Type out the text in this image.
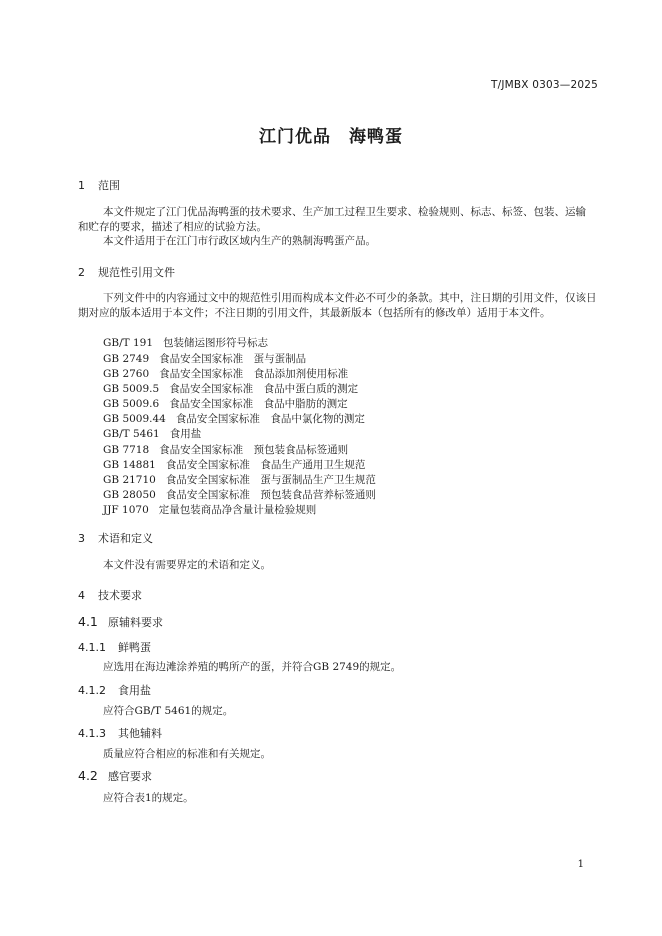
T/JMBX 0303—2025
江门优品　海鸭蛋
1 范围
本文件规定了江门优品海鸭蛋的技术要求、生产加工过程卫生要求、检验规则、标志、标签、包装、运输和贮存的要求，描述了相应的试验方法。
本文件适用于在江门市行政区域内生产的熟制海鸭蛋产品。
2 规范性引用文件
下列文件中的内容通过文中的规范性引用而构成本文件必不可少的条款。其中，注日期的引用文件，仅该日期对应的版本适用于本文件；不注日期的引用文件，其最新版本（包括所有的修改单）适用于本文件。
GB/T 191 包装储运图形符号标志
GB 2749 食品安全国家标准　蛋与蛋制品
GB 2760 食品安全国家标准　食品添加剂使用标准
GB 5009.5 食品安全国家标准　食品中蛋白质的测定
GB 5009.6 食品安全国家标准　食品中脂肪的测定
GB 5009.44 食品安全国家标准　食品中氯化物的测定
GB/T 5461 食用盐
GB 7718 食品安全国家标准　预包装食品标签通则
GB 14881 食品安全国家标准　食品生产通用卫生规范
GB 21710 食品安全国家标准　蛋与蛋制品生产卫生规范
GB 28050 食品安全国家标准　预包装食品营养标签通则
JJF 1070 定量包装商品净含量计量检验规则
3 术语和定义
本文件没有需要界定的术语和定义。
4 技术要求
4.1 原辅料要求
4.1.1 鲜鸭蛋
应选用在海边滩涂养殖的鸭所产的蛋，并符合GB 2749的规定。
4.1.2 食用盐
应符合GB/T 5461的规定。
4.1.3 其他辅料
质量应符合相应的标准和有关规定。
4.2 感官要求
应符合表1的规定。
1
